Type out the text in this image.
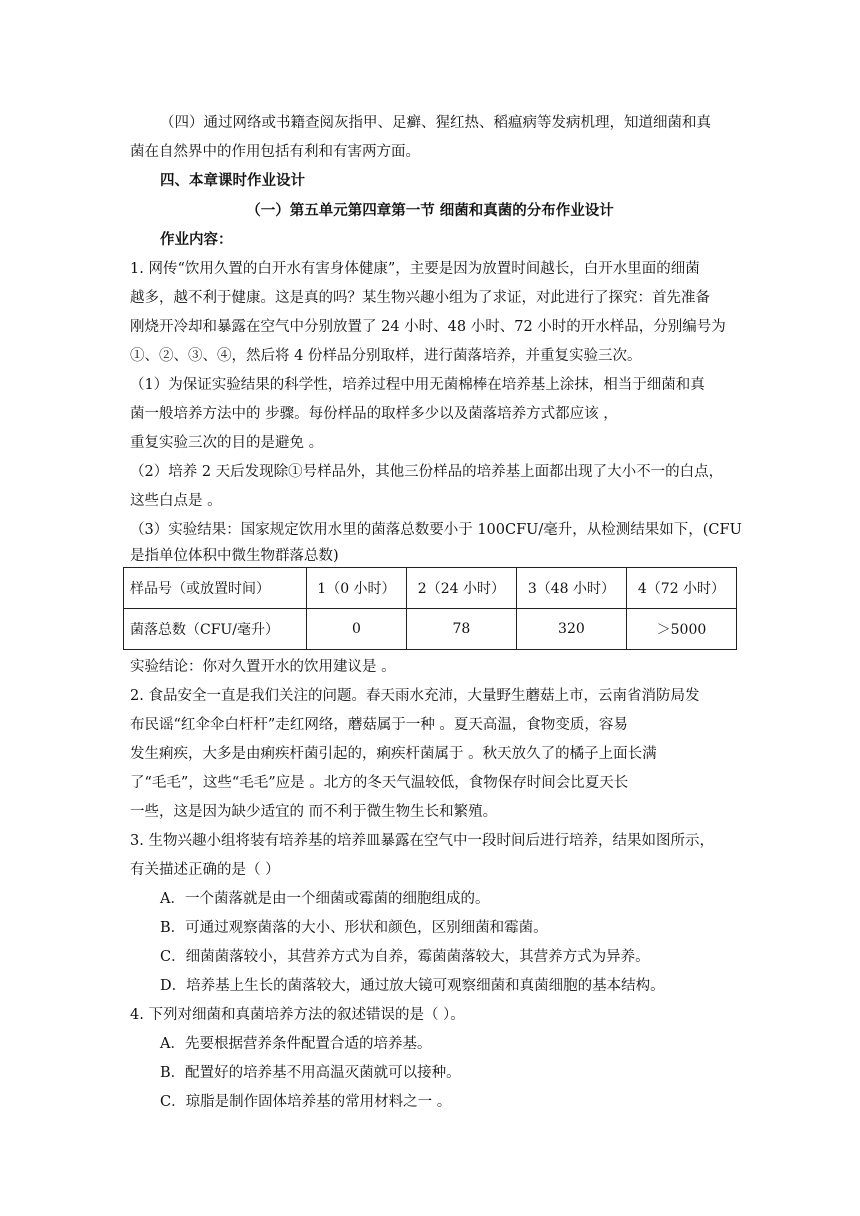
（四）通过网络或书籍查阅灰指甲、足癣、猩红热、稻瘟病等发病机理，知道细菌和真
菌在自然界中的作用包括有利和有害两方面。
四、本章课时作业设计
（一）第五单元第四章第一节 细菌和真菌的分布作业设计
作业内容：
1. 网传“饮用久置的白开水有害身体健康”，主要是因为放置时间越长，白开水里面的细菌
越多，越不利于健康。这是真的吗？某生物兴趣小组为了求证，对此进行了探究：首先准备
刚烧开冷却和暴露在空气中分别放置了 24 小时、48 小时、72 小时的开水样品，分别编号为
①、②、③、④，然后将 4 份样品分别取样，进行菌落培养，并重复实验三次。
（1）为保证实验结果的科学性，培养过程中用无菌棉棒在培养基上涂抹，相当于细菌和真
菌一般培养方法中的 步骤。每份样品的取样多少以及菌落培养方式都应该 ，
重复实验三次的目的是避免 。
（2）培养 2 天后发现除①号样品外，其他三份样品的培养基上面都出现了大小不一的白点，
这些白点是 。
（3）实验结果：国家规定饮用水里的菌落总数要小于 100CFU/毫升，从检测结果如下，(CFU
是指单位体积中微生物群落总数)
样品号（或放置时间）	1（0 小时）	2（24 小时）	3（48 小时）	4（72 小时）
菌落总数（CFU/毫升）	0	78	320	＞5000
实验结论：你对久置开水的饮用建议是 。
2. 食品安全一直是我们关注的问题。春天雨水充沛，大量野生蘑菇上市，云南省消防局发
布民谣“红伞伞白杆杆”走红网络，蘑菇属于一种 。夏天高温，食物变质，容易
发生痢疾，大多是由痢疾杆菌引起的，痢疾杆菌属于 。秋天放久了的橘子上面长满
了“毛毛”，这些“毛毛”应是 。北方的冬天气温较低，食物保存时间会比夏天长
一些，这是因为缺少适宜的 而不利于微生物生长和繁殖。
3. 生物兴趣小组将装有培养基的培养皿暴露在空气中一段时间后进行培养，结果如图所示，
有关描述正确的是（ ）
A．一个菌落就是由一个细菌或霉菌的细胞组成的。
B．可通过观察菌落的大小、形状和颜色，区别细菌和霉菌。
C．细菌菌落较小，其营养方式为自养，霉菌菌落较大，其营养方式为异养。
D．培养基上生长的菌落较大，通过放大镜可观察细菌和真菌细胞的基本结构。
4. 下列对细菌和真菌培养方法的叙述错误的是（ ）。
A．先要根据营养条件配置合适的培养基。
B．配置好的培养基不用高温灭菌就可以接种。
C．琼脂是制作固体培养基的常用材料之一 。
